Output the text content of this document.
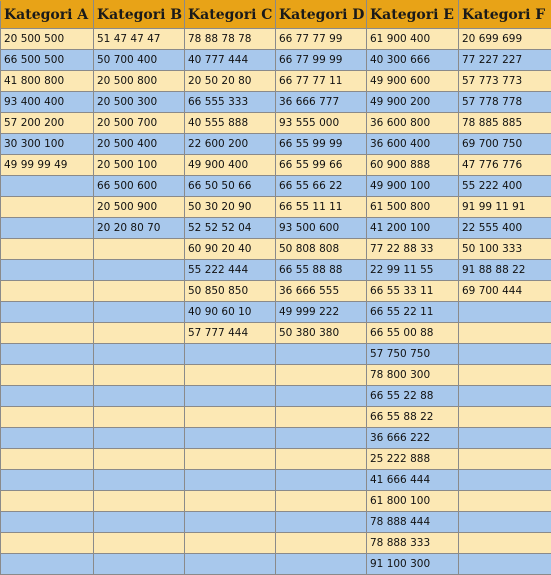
Kategori A	Kategori B	Kategori C	Kategori D	Kategori E	Kategori F
20 500 500	51 47 47 47	78 88 78 78	66 77 77 99	61 900 400	20 699 699
66 500 500	50 700 400	40 777 444	66 77 99 99	40 300 666	77 227 227
41 800 800	20 500 800	20 50 20 80	66 77 77 11	49 900 600	57 773 773
93 400 400	20 500 300	66 555 333	36 666 777	49 900 200	57 778 778
57 200 200	20 500 700	40 555 888	93 555 000	36 600 800	78 885 885
30 300 100	20 500 400	22 600 200	66 55 99 99	36 600 400	69 700 750
49 99 99 49	20 500 100	49 900 400	66 55 99 66	60 900 888	47 776 776
	66 500 600	66 50 50 66	66 55 66 22	49 900 100	55 222 400
	20 500 900	50 30 20 90	66 55 11 11	61 500 800	91 99 11 91
	20 20 80 70	52 52 52 04	93 500 600	41 200 100	22 555 400
		60 90 20 40	50 808 808	77 22 88 33	50 100 333
		55 222 444	66 55 88 88	22 99 11 55	91 88 88 22
		50 850 850	36 666 555	66 55 33 11	69 700 444
		40 90 60 10	49 999 222	66 55 22 11	
		57 777 444	50 380 380	66 55 00 88	
				57 750 750	
				78 800 300	
				66 55 22 88	
				66 55 88 22	
				36 666 222	
				25 222 888	
				41 666 444	
				61 800 100	
				78 888 444	
				78 888 333	
				91 100 300	
